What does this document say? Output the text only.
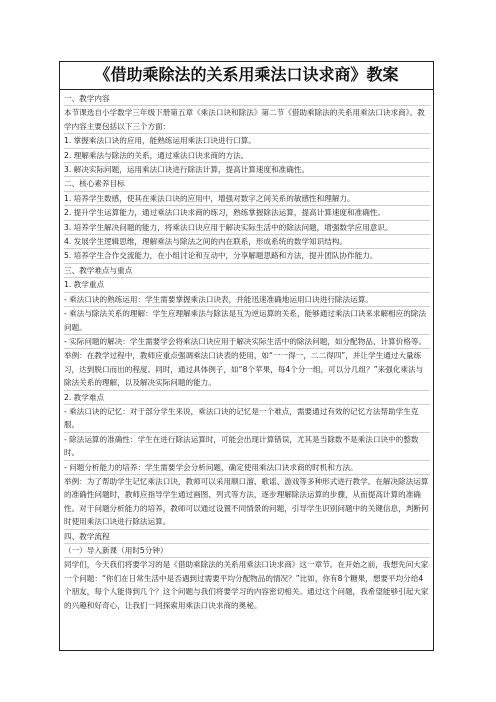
《借助乘除法的关系用乘法口诀求商》教案

一、教学内容

本节课选自小学数学三年级下册第五章《乘法口诀和除法》第二节《借助乘除法的关系用乘法口诀求商》。教学内容主要包括以下三个方面：

1. 掌握乘法口诀的应用，能熟练运用乘法口诀进行口算。

2. 理解乘法与除法的关系，通过乘法口诀求商的方法。

3. 解决实际问题，运用乘法口诀进行除法计算，提高计算速度和准确性。

二、核心素养目标

1. 培养学生数感，使其在乘法口诀的应用中，增强对数字之间关系的敏感性和理解力。

2. 提升学生运算能力，通过乘法口诀求商的练习，熟练掌握除法运算，提高计算速度和准确性。

3. 培养学生解决问题的能力，将乘法口诀应用于解决实际生活中的除法问题，增强数学应用意识。

4. 发展学生逻辑思维，理解乘法与除法之间的内在联系，形成系统的数学知识结构。

5. 培养学生合作交流能力，在小组讨论和互动中，分享解题思路和方法，提升团队协作能力。

三、教学难点与重点

1. 教学重点

- 乘法口诀的熟练运用：学生需要掌握乘法口诀表，并能迅速准确地运用口诀进行除法运算。

- 乘法与除法关系的理解：学生应理解乘法与除法是互为逆运算的关系，能够通过乘法口诀来求解相应的除法问题。

- 实际问题的解决：学生需要学会将乘法口诀应用于解决实际生活中的除法问题，如分配物品、计算价格等。

举例：在教学过程中，教师应重点强调乘法口诀表的使用，如“一一得一，二二得四”，并让学生通过大量练习，达到脱口而出的程度。同时，通过具体例子，如“8个苹果，每4个分一组，可以分几组？”来强化乘法与除法关系的理解，以及解决实际问题的能力。

2. 教学难点

- 乘法口诀的记忆：对于部分学生来说，乘法口诀的记忆是一个难点，需要通过有效的记忆方法帮助学生克服。

- 除法运算的准确性：学生在进行除法运算时，可能会出现计算错误，尤其是当除数不是乘法口诀中的整数时。

- 问题分析能力的培养：学生需要学会分析问题，确定使用乘法口诀求商的时机和方法。

举例：为了帮助学生记忆乘法口诀，教师可以采用顺口溜、歌谣、游戏等多种形式进行教学。在解决除法运算的准确性问题时，教师应指导学生通过画图、列式等方法，逐步理解除法运算的步骤，从而提高计算的准确性。对于问题分析能力的培养，教师可以通过设置不同情景的问题，引导学生识别问题中的关键信息，判断何时使用乘法口诀进行除法运算。

四、教学流程

（一）导入新课（用时5分钟）

同学们，今天我们将要学习的是《借助乘除法的关系用乘法口诀求商》这一章节。在开始之前，我想先问大家一个问题：“你们在日常生活中是否遇到过需要平均分配物品的情况？”比如，你有8个糖果，想要平均分给4个朋友，每个人能得到几个？这个问题与我们将要学习的内容密切相关。通过这个问题，我希望能够引起大家的兴趣和好奇心，让我们一同探索用乘法口诀求商的奥秘。
